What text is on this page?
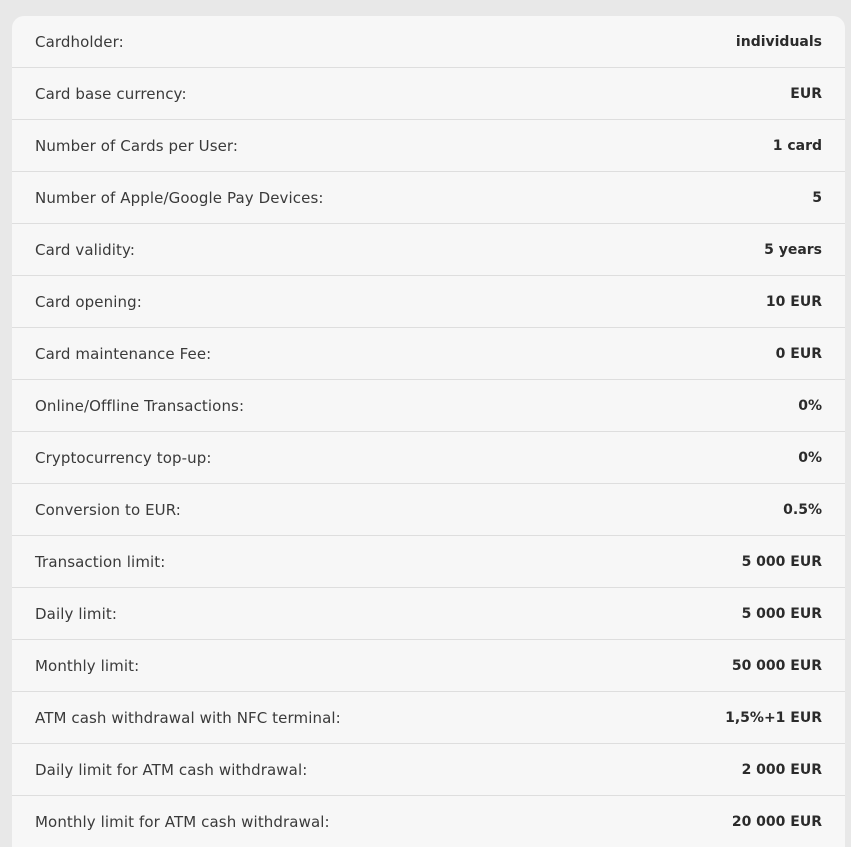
Cardholder:	individuals
Card base currency:	EUR
Number of Cards per User:	1 card
Number of Apple/Google Pay Devices:	5
Card validity:	5 years
Card opening:	10 EUR
Card maintenance Fee:	0 EUR
Online/Offline Transactions:	0%
Cryptocurrency top-up:	0%
Conversion to EUR:	0.5%
Transaction limit:	5 000 EUR
Daily limit:	5 000 EUR
Monthly limit:	50 000 EUR
ATM cash withdrawal with NFC terminal:	1,5%+1 EUR
Daily limit for ATM cash withdrawal:	2 000 EUR
Monthly limit for ATM cash withdrawal:	20 000 EUR
